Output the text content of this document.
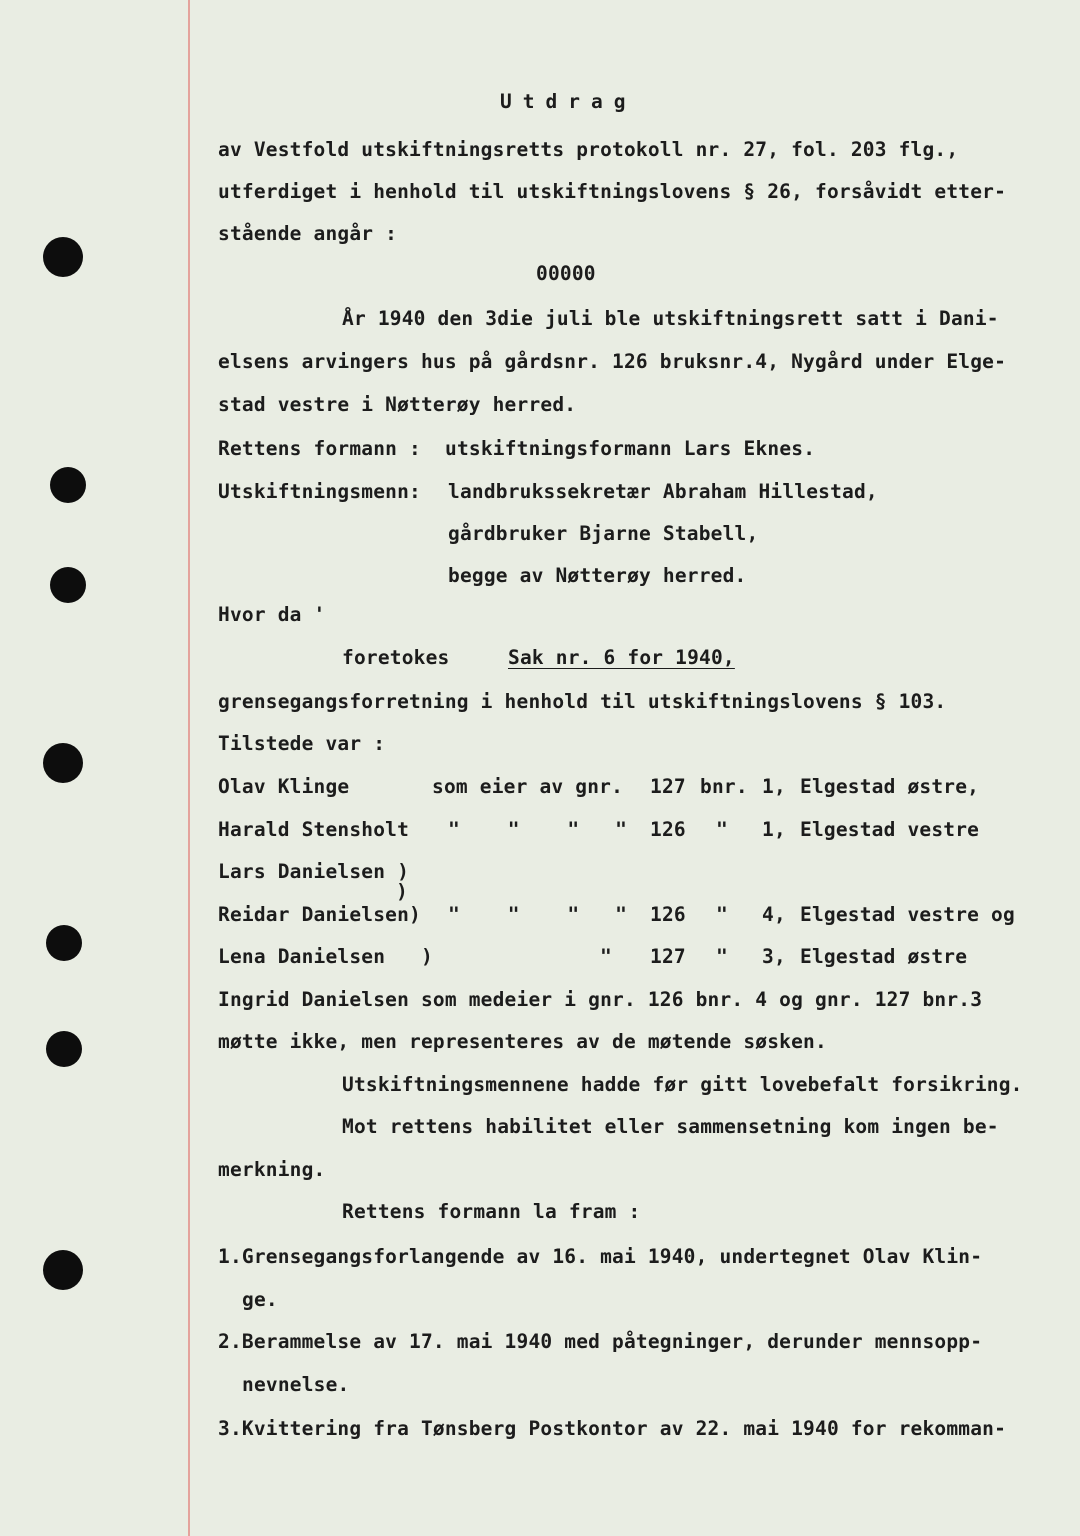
Utdrag
av Vestfold utskiftningsretts protokoll nr. 27, fol. 203 flg.,
utferdiget i henhold til utskiftningslovens § 26, forsåvidt etter-
stående angår :
00000
År 1940 den 3die juli ble utskiftningsrett satt i Dani-
elsens arvingers hus på gårdsnr. 126 bruksnr.4, Nygård under Elge-
stad vestre i Nøtterøy herred.
Rettens formann : utskiftningsformann Lars Eknes.
Utskiftningsmenn: landbrukssekretær Abraham Hillestad,
gårdbruker Bjarne Stabell,
begge av Nøtterøy herred.
Hvor da '
foretokes	Sak nr. 6 for 1940,
grensegangsforretning i henhold til utskiftningslovens § 103.
Tilstede var :
Olav Klinge	som eier av gnr. 127 bnr. 1, Elgestad østre,
Harald Stensholt "    "    "   " 126 " 1, Elgestad vestre
Lars Danielsen )
)
Reidar Danielsen) "    "    "   " 126 " 4, Elgestad vestre og
Lena Danielsen   )	" 127 " 3, Elgestad østre
Ingrid Danielsen som medeier i gnr. 126 bnr. 4 og gnr. 127 bnr.3
møtte ikke, men representeres av de møtende søsken.
Utskiftningsmennene hadde før gitt lovebefalt forsikring.
Mot rettens habilitet eller sammensetning kom ingen be-
merkning.
Rettens formann la fram :
1.Grensegangsforlangende av 16. mai 1940, undertegnet Olav Klin-
ge.
2.Berammelse av 17. mai 1940 med påtegninger, derunder mennsopp-
nevnelse.
3.Kvittering fra Tønsberg Postkontor av 22. mai 1940 for rekomman-
